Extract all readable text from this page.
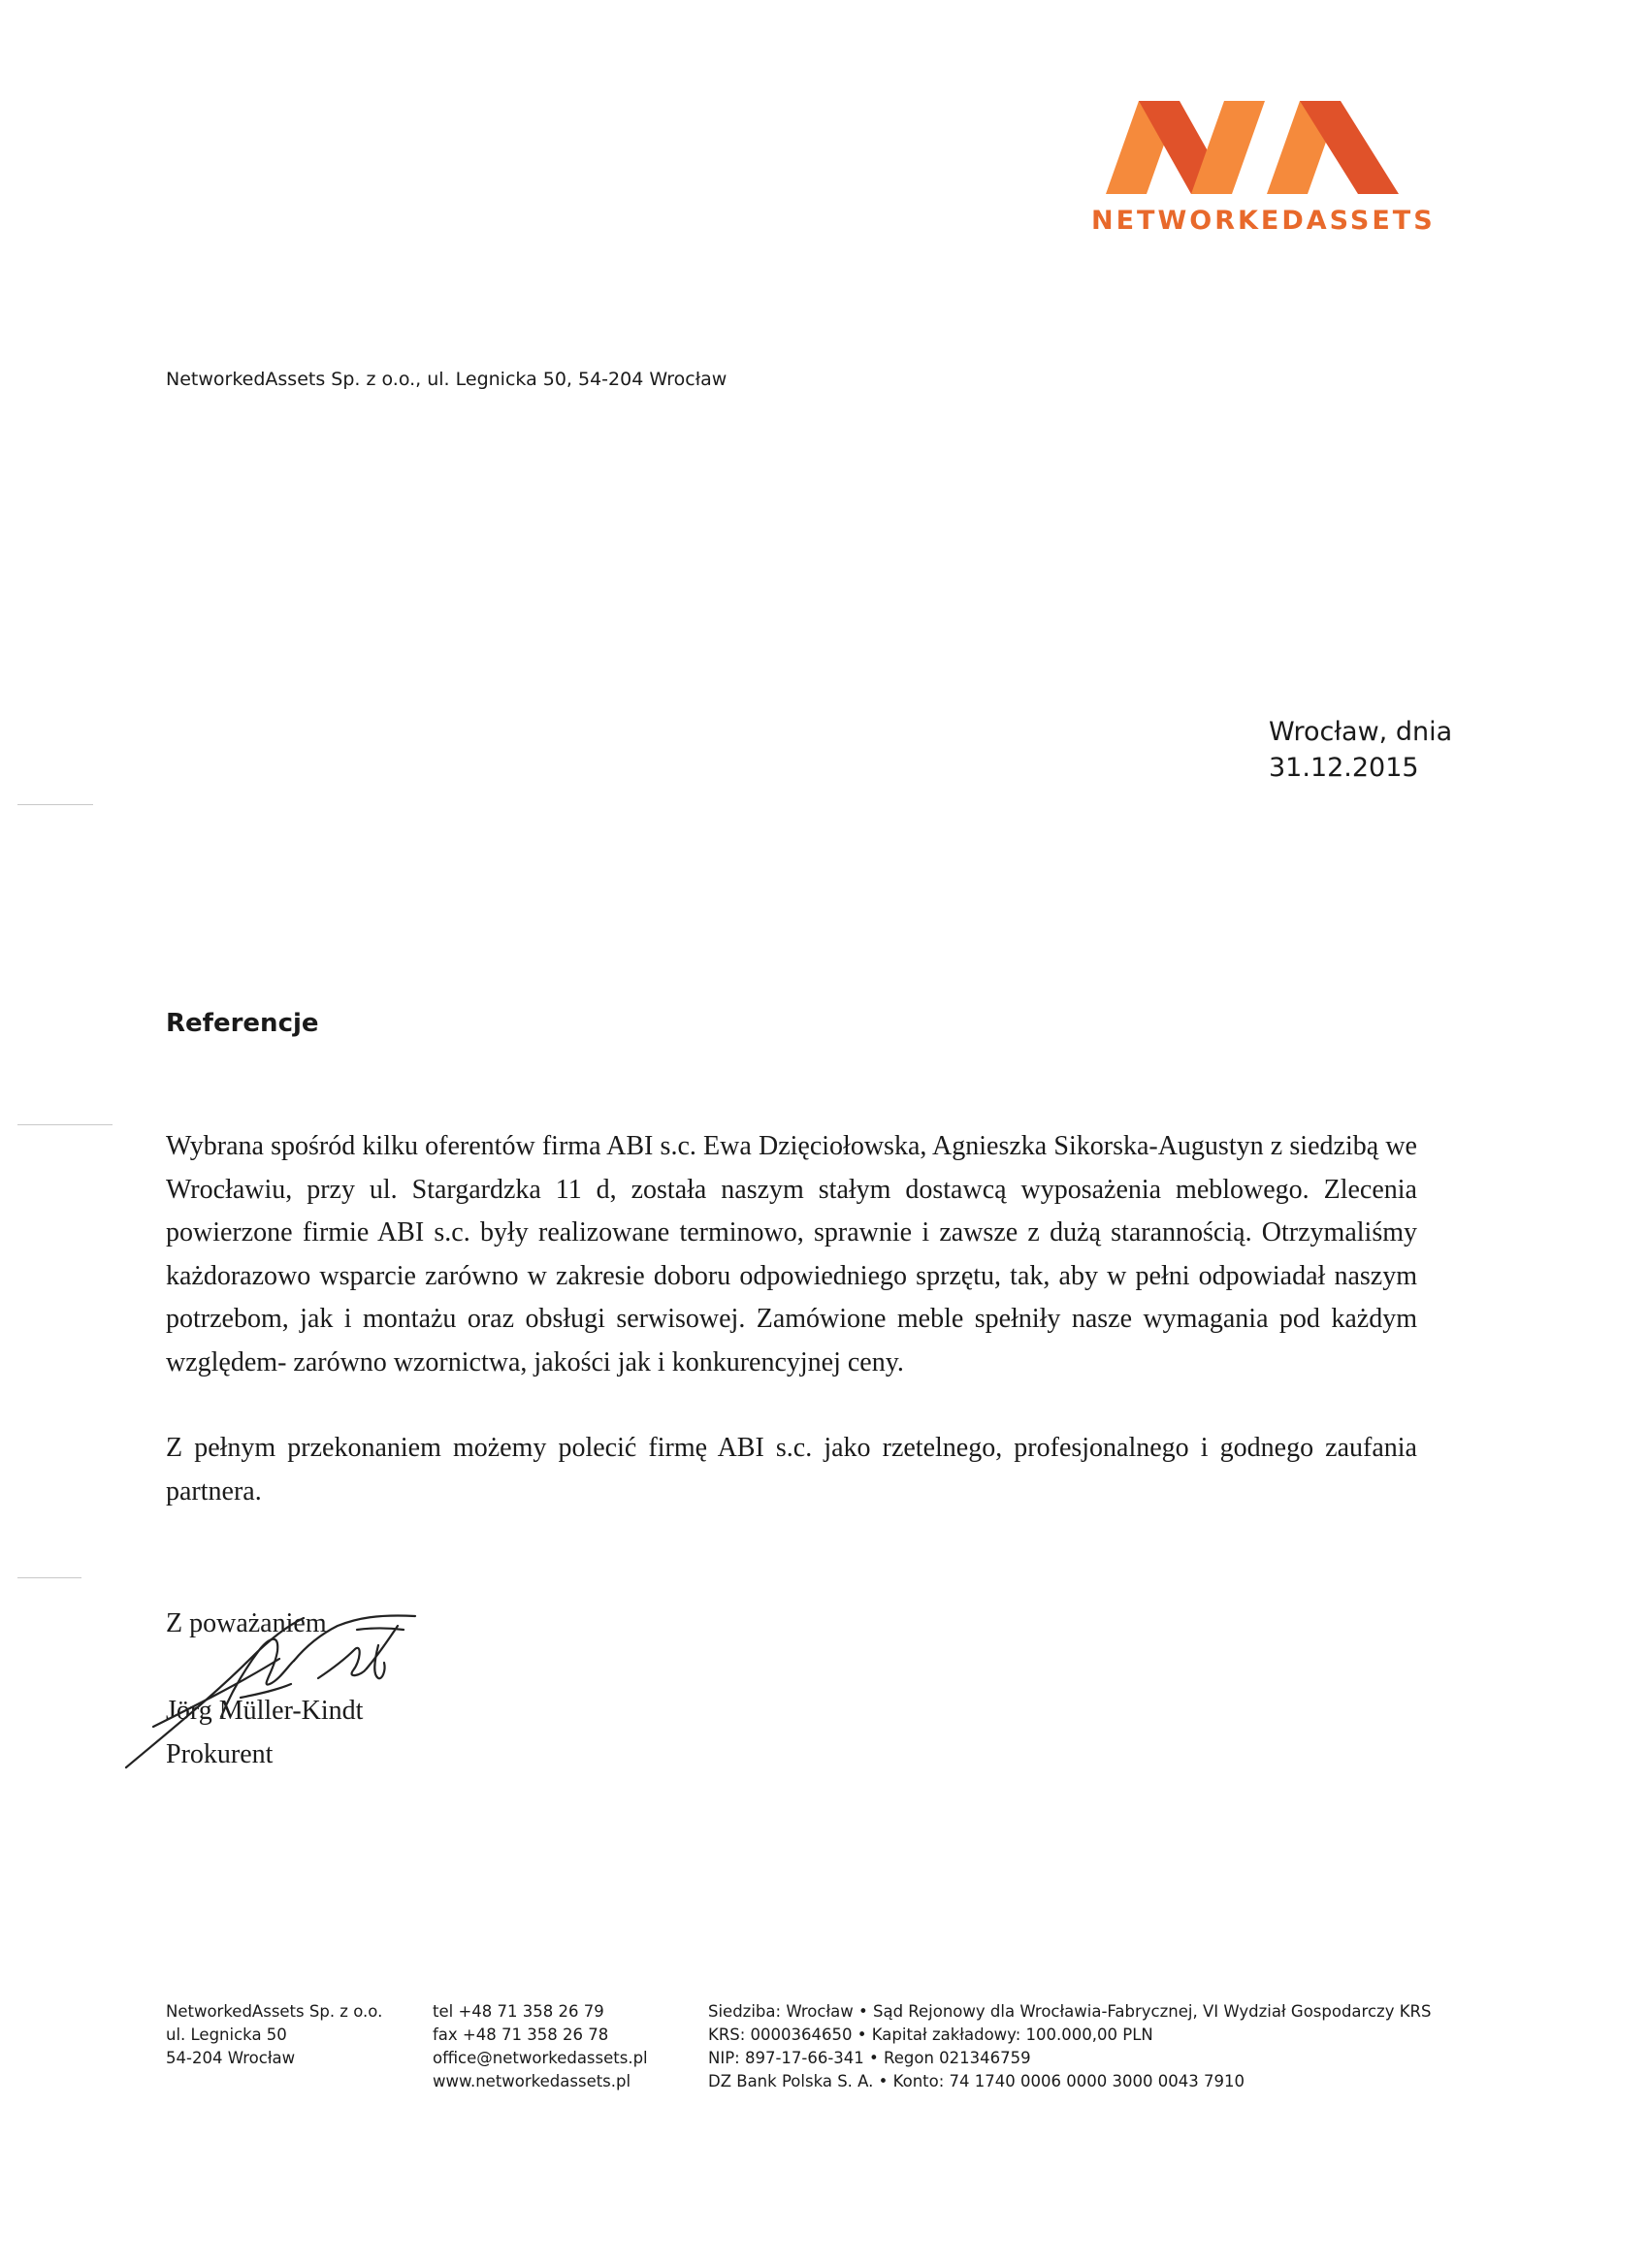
NETWORKEDASSETS
NetworkedAssets Sp. z o.o., ul. Legnicka 50, 54-204 Wrocław
Wrocław, dnia
31.12.2015
Referencje

Wybrana spośród kilku oferentów firma ABI s.c. Ewa Dzięciołowska, Agnieszka Sikorska-Augustyn z siedzibą we Wrocławiu, przy ul. Stargardzka 11 d, została naszym stałym dostawcą wyposażenia meblowego. Zlecenia powierzone firmie ABI s.c. były realizowane terminowo, sprawnie i zawsze z dużą starannością. Otrzymaliśmy każdorazowo wsparcie zarówno w zakresie doboru odpowiedniego sprzętu, tak, aby w pełni odpowiadał naszym potrzebom, jak i montażu oraz obsługi serwisowej. Zamówione meble spełniły nasze wymagania pod każdym względem- zarówno wzornictwa, jakości jak i konkurencyjnej ceny.

Z pełnym przekonaniem możemy polecić firmę ABI s.c. jako rzetelnego, profesjonalnego i godnego zaufania partnera.

Z poważaniem
Jörg Müller-Kindt
Prokurent
NetworkedAssets Sp. z o.o.
ul. Legnicka 50
54-204 Wrocław
tel +48 71 358 26 79
fax +48 71 358 26 78
office@networkedassets.pl
www.networkedassets.pl
Siedziba: Wrocław • Sąd Rejonowy dla Wrocławia-Fabrycznej, VI Wydział Gospodarczy KRS
KRS: 0000364650 • Kapitał zakładowy: 100.000,00 PLN
NIP: 897-17-66-341 • Regon 021346759
DZ Bank Polska S. A. • Konto: 74 1740 0006 0000 3000 0043 7910
